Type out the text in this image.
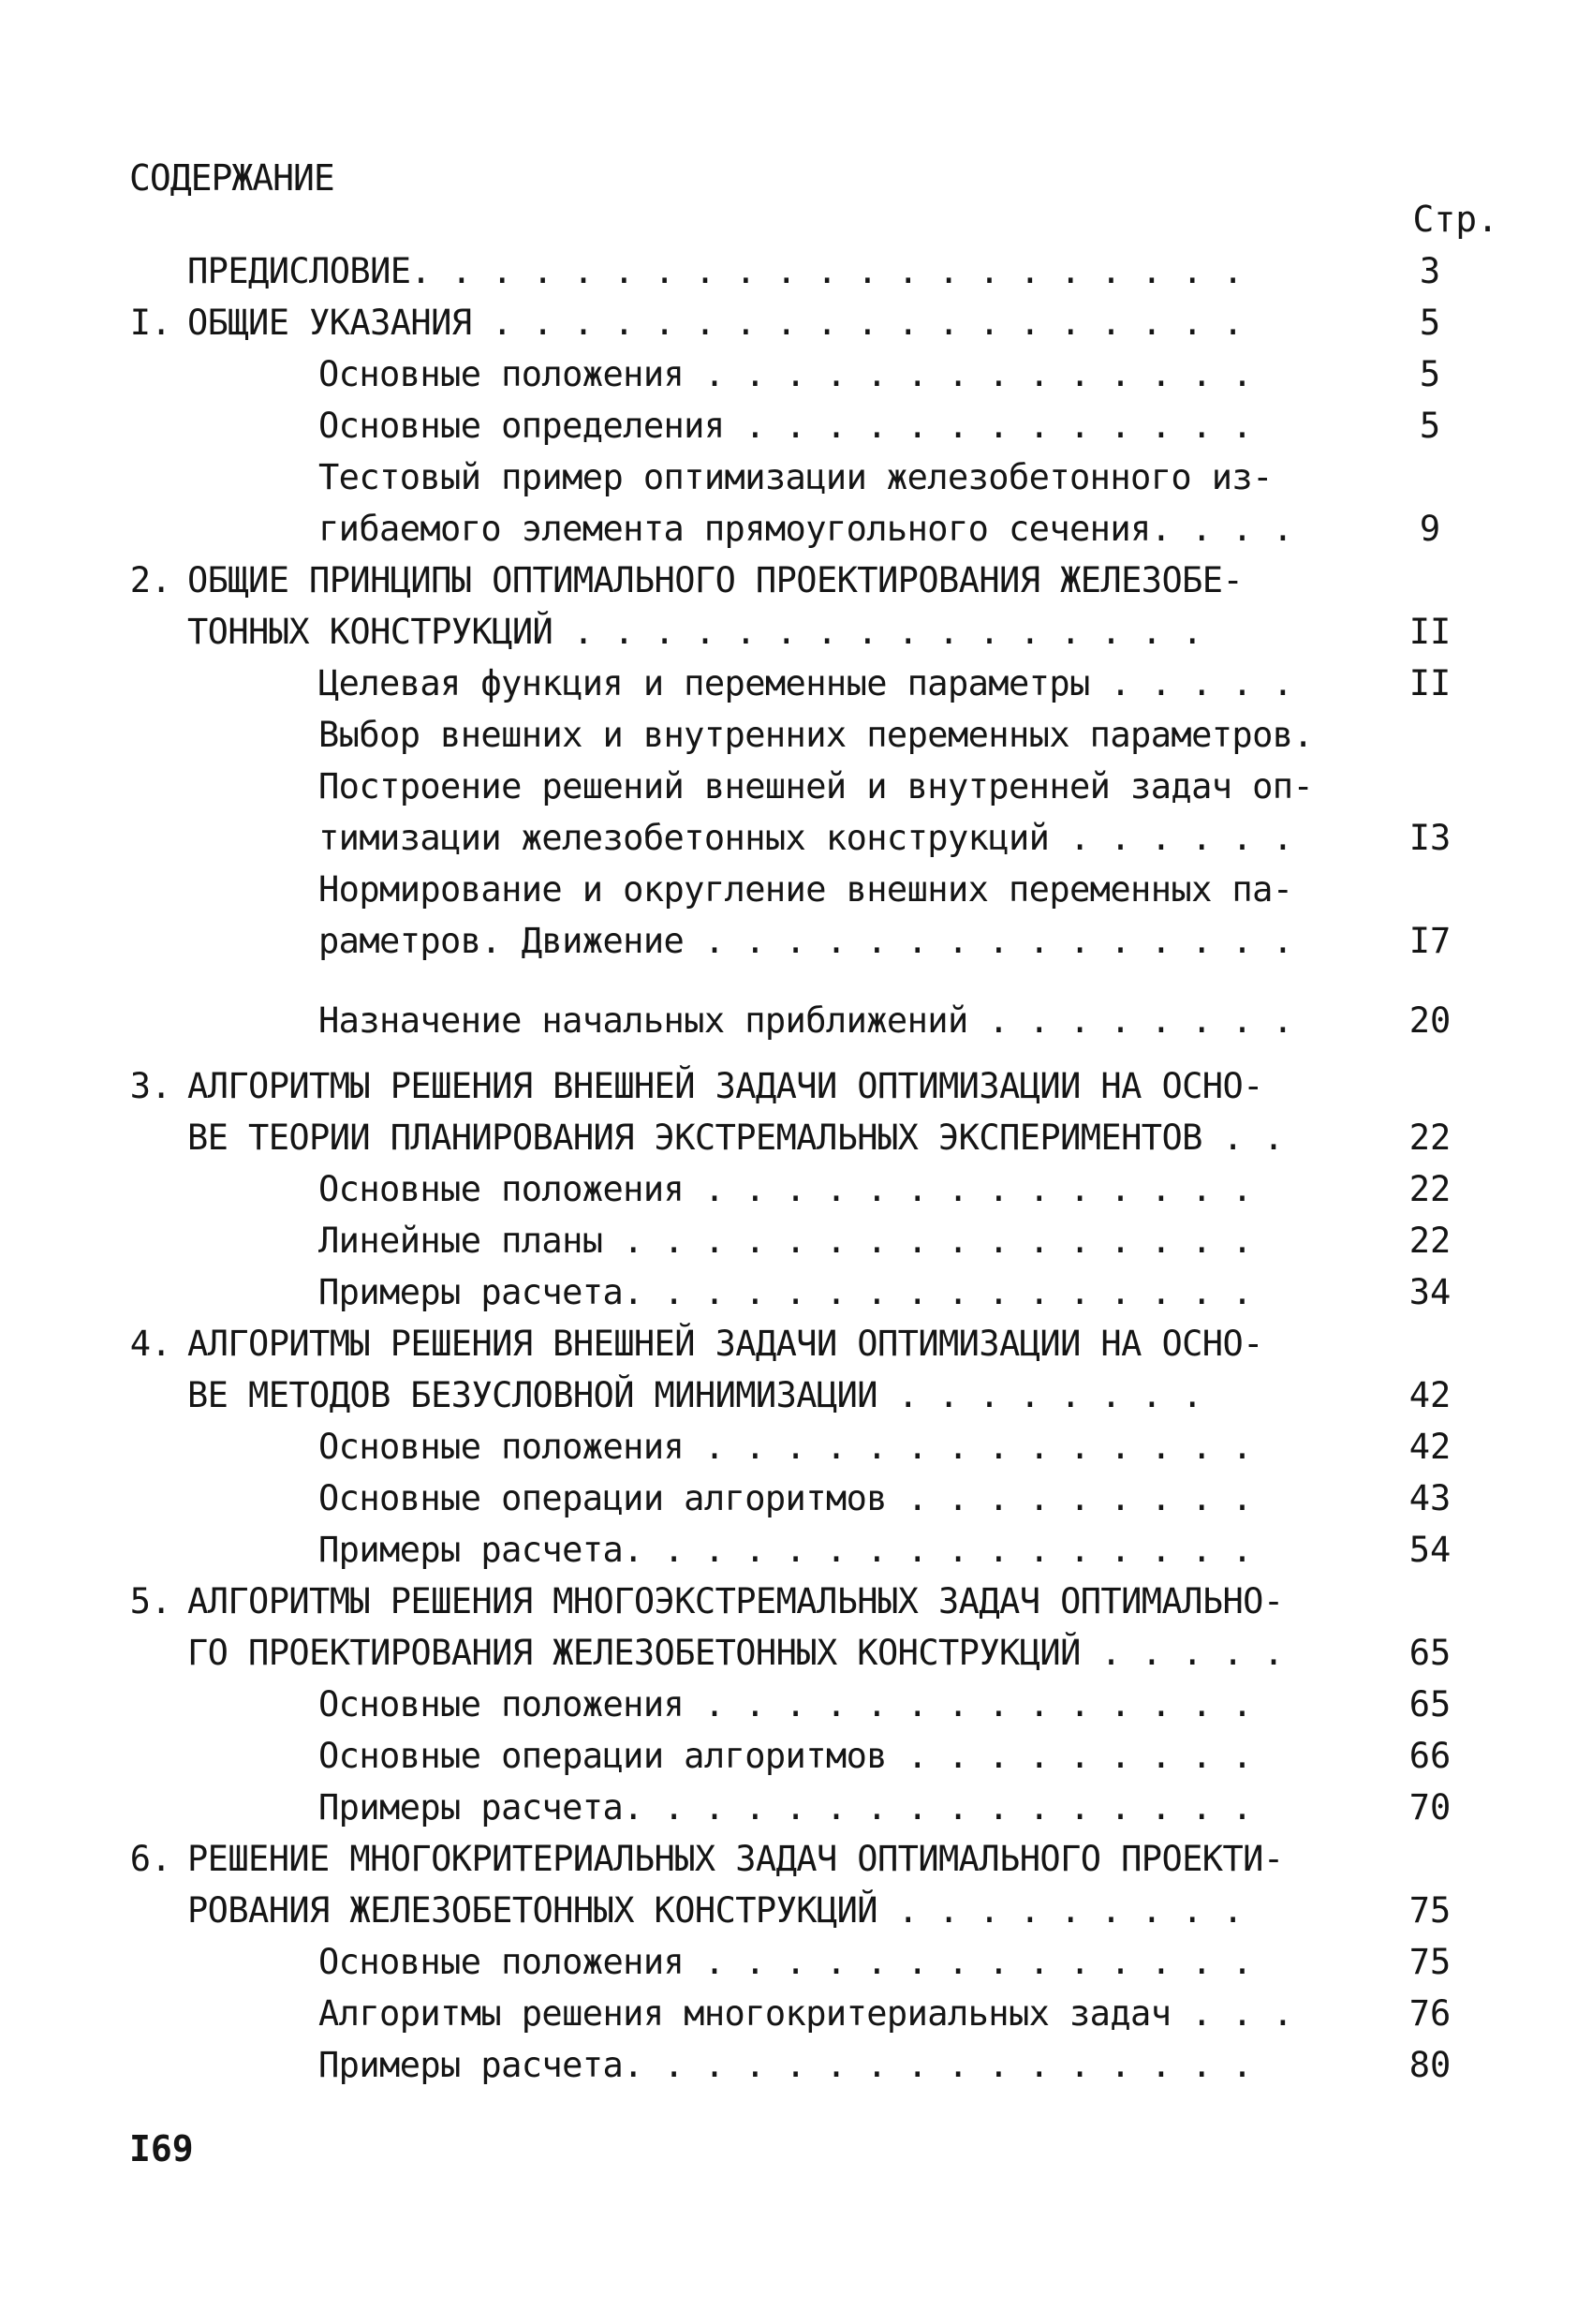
СОДЕРЖАНИЕ
Стр.
ПРЕДИСЛОВИЕ. . . . . . . . . . . . . . . . . . . . .	3
I. ОБЩИЕ УКАЗАНИЯ . . . . . . . . . . . . . . . . . . .	5
Основные положения . . . . . . . . . . . . . .	5
Основные определения . . . . . . . . . . . . .	5
Тестовый пример оптимизации железобетонного из-
гибаемого элемента прямоугольного сечения. . . .	9
2. ОБЩИЕ ПРИНЦИПЫ ОПТИМАЛЬНОГО ПРОЕКТИРОВАНИЯ ЖЕЛЕЗОБЕ-
ТОННЫХ КОНСТРУКЦИЙ . . . . . . . . . . . . . . . .	II
Целевая функция и переменные параметры . . . . .	II
Выбор внешних и внутренних переменных параметров.
Построение решений внешней и внутренней задач оп-
тимизации железобетонных конструкций . . . . . .	I3
Нормирование и округление внешних переменных па-
раметров. Движение . . . . . . . . . . . . . . .	I7
Назначение начальных приближений . . . . . . . .	20
3. АЛГОРИТМЫ РЕШЕНИЯ ВНЕШНЕЙ ЗАДАЧИ ОПТИМИЗАЦИИ НА ОСНО-
ВЕ ТЕОРИИ ПЛАНИРОВАНИЯ ЭКСТРЕМАЛЬНЫХ ЭКСПЕРИМЕНТОВ . .	22
Основные положения . . . . . . . . . . . . . .	22
Линейные планы . . . . . . . . . . . . . . . .	22
Примеры расчета. . . . . . . . . . . . . . . .	34
4. АЛГОРИТМЫ РЕШЕНИЯ ВНЕШНЕЙ ЗАДАЧИ ОПТИМИЗАЦИИ НА ОСНО-
ВЕ МЕТОДОВ БЕЗУСЛОВНОЙ МИНИМИЗАЦИИ . . . . . . . .	42
Основные положения . . . . . . . . . . . . . .	42
Основные операции алгоритмов . . . . . . . . .	43
Примеры расчета. . . . . . . . . . . . . . . .	54
5. АЛГОРИТМЫ РЕШЕНИЯ МНОГОЭКСТРЕМАЛЬНЫХ ЗАДАЧ ОПТИМАЛЬНО-
ГО ПРОЕКТИРОВАНИЯ ЖЕЛЕЗОБЕТОННЫХ КОНСТРУКЦИЙ . . . . .	65
Основные положения . . . . . . . . . . . . . .	65
Основные операции алгоритмов . . . . . . . . .	66
Примеры расчета. . . . . . . . . . . . . . . .	70
6. РЕШЕНИЕ МНОГОКРИТЕРИАЛЬНЫХ ЗАДАЧ ОПТИМАЛЬНОГО ПРОЕКТИ-
РОВАНИЯ ЖЕЛЕЗОБЕТОННЫХ КОНСТРУКЦИЙ . . . . . . . . .	75
Основные положения . . . . . . . . . . . . . .	75
Алгоритмы решения многокритериальных задач . . .	76
Примеры расчета. . . . . . . . . . . . . . . .	80
I69
